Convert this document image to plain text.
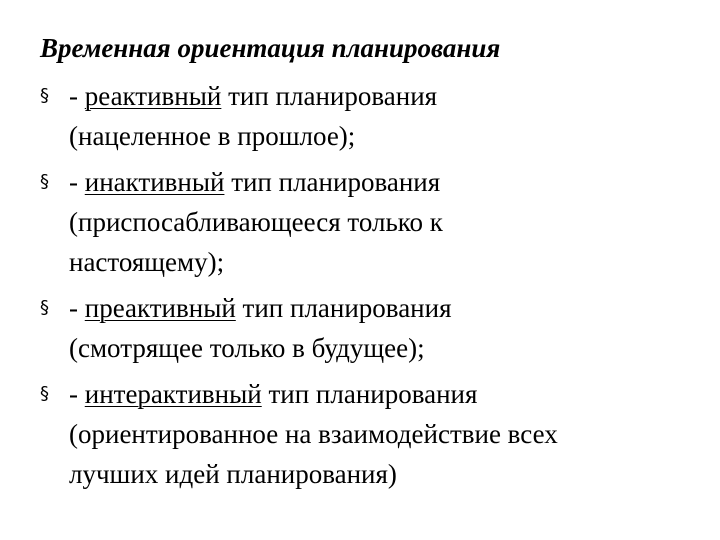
Временная ориентация планирования
§ - реактивный тип планирования
(нацеленное в прошлое);
§ - инактивный тип планирования
(приспосабливающееся только к
настоящему);
§ - преактивный тип планирования
(смотрящее только в будущее);
§ - интерактивный тип планирования
(ориентированное на взаимодействие всех
лучших идей планирования)
